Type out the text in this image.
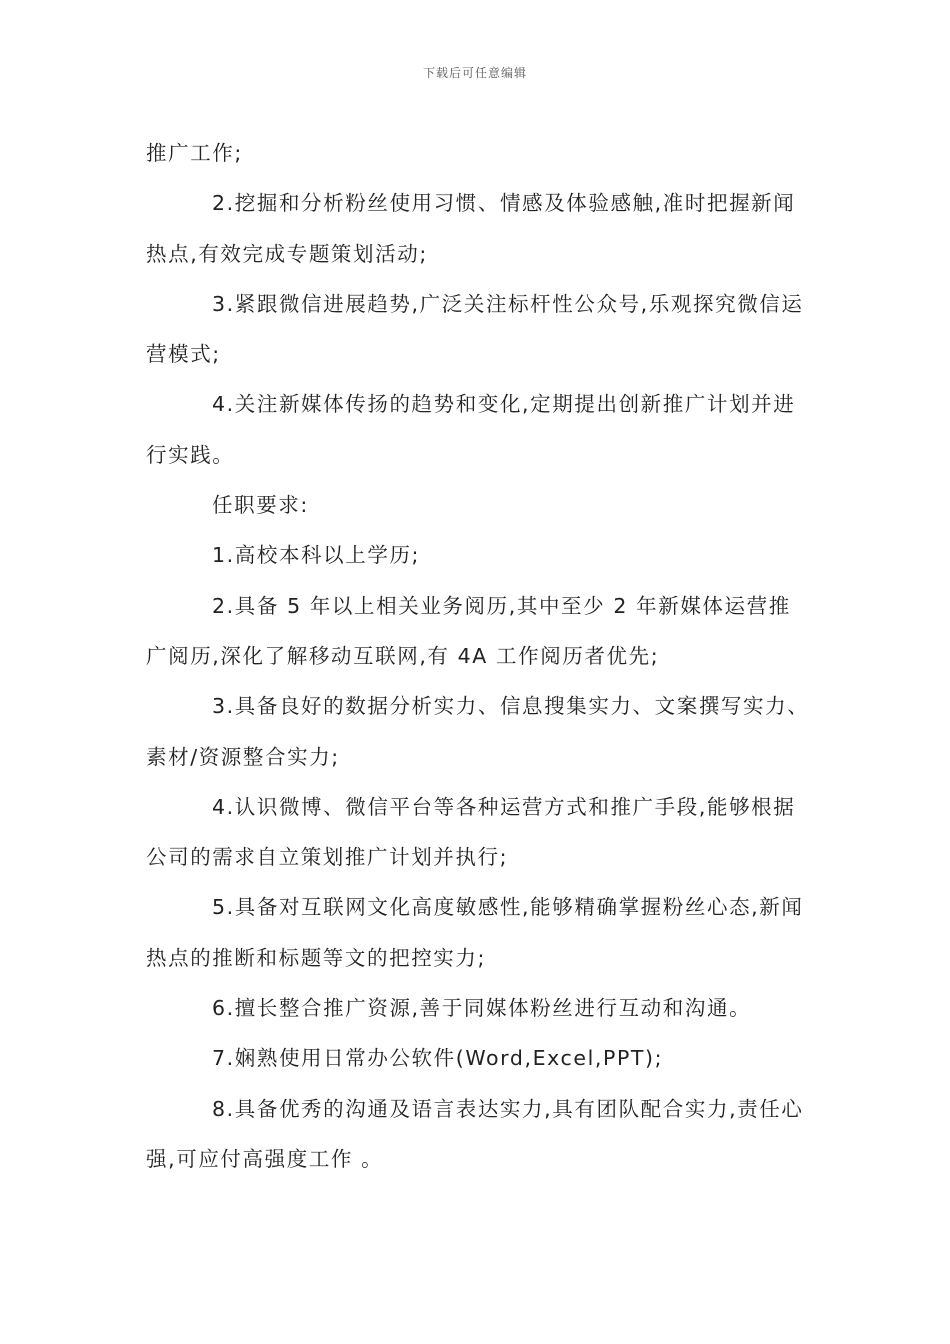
下载后可任意编辑

推广工作;

2.挖掘和分析粉丝使用习惯、情感及体验感触,准时把握新闻热点,有效完成专题策划活动;

3.紧跟微信进展趋势,广泛关注标杆性公众号,乐观探究微信运营模式;

4.关注新媒体传扬的趋势和变化,定期提出创新推广计划并进行实践。

任职要求:

1.高校本科以上学历;

2.具备 5 年以上相关业务阅历,其中至少 2 年新媒体运营推广阅历,深化了解移动互联网,有 4A 工作阅历者优先;

3.具备良好的数据分析实力、信息搜集实力、文案撰写实力、素材/资源整合实力;

4.认识微博、微信平台等各种运营方式和推广手段,能够根据公司的需求自立策划推广计划并执行;

5.具备对互联网文化高度敏感性,能够精确掌握粉丝心态,新闻热点的推断和标题等文的把控实力;

6.擅长整合推广资源,善于同媒体粉丝进行互动和沟通。

7.娴熟使用日常办公软件(Word,Excel,PPT);

8.具备优秀的沟通及语言表达实力,具有团队配合实力,责任心强,可应付高强度工作 。
